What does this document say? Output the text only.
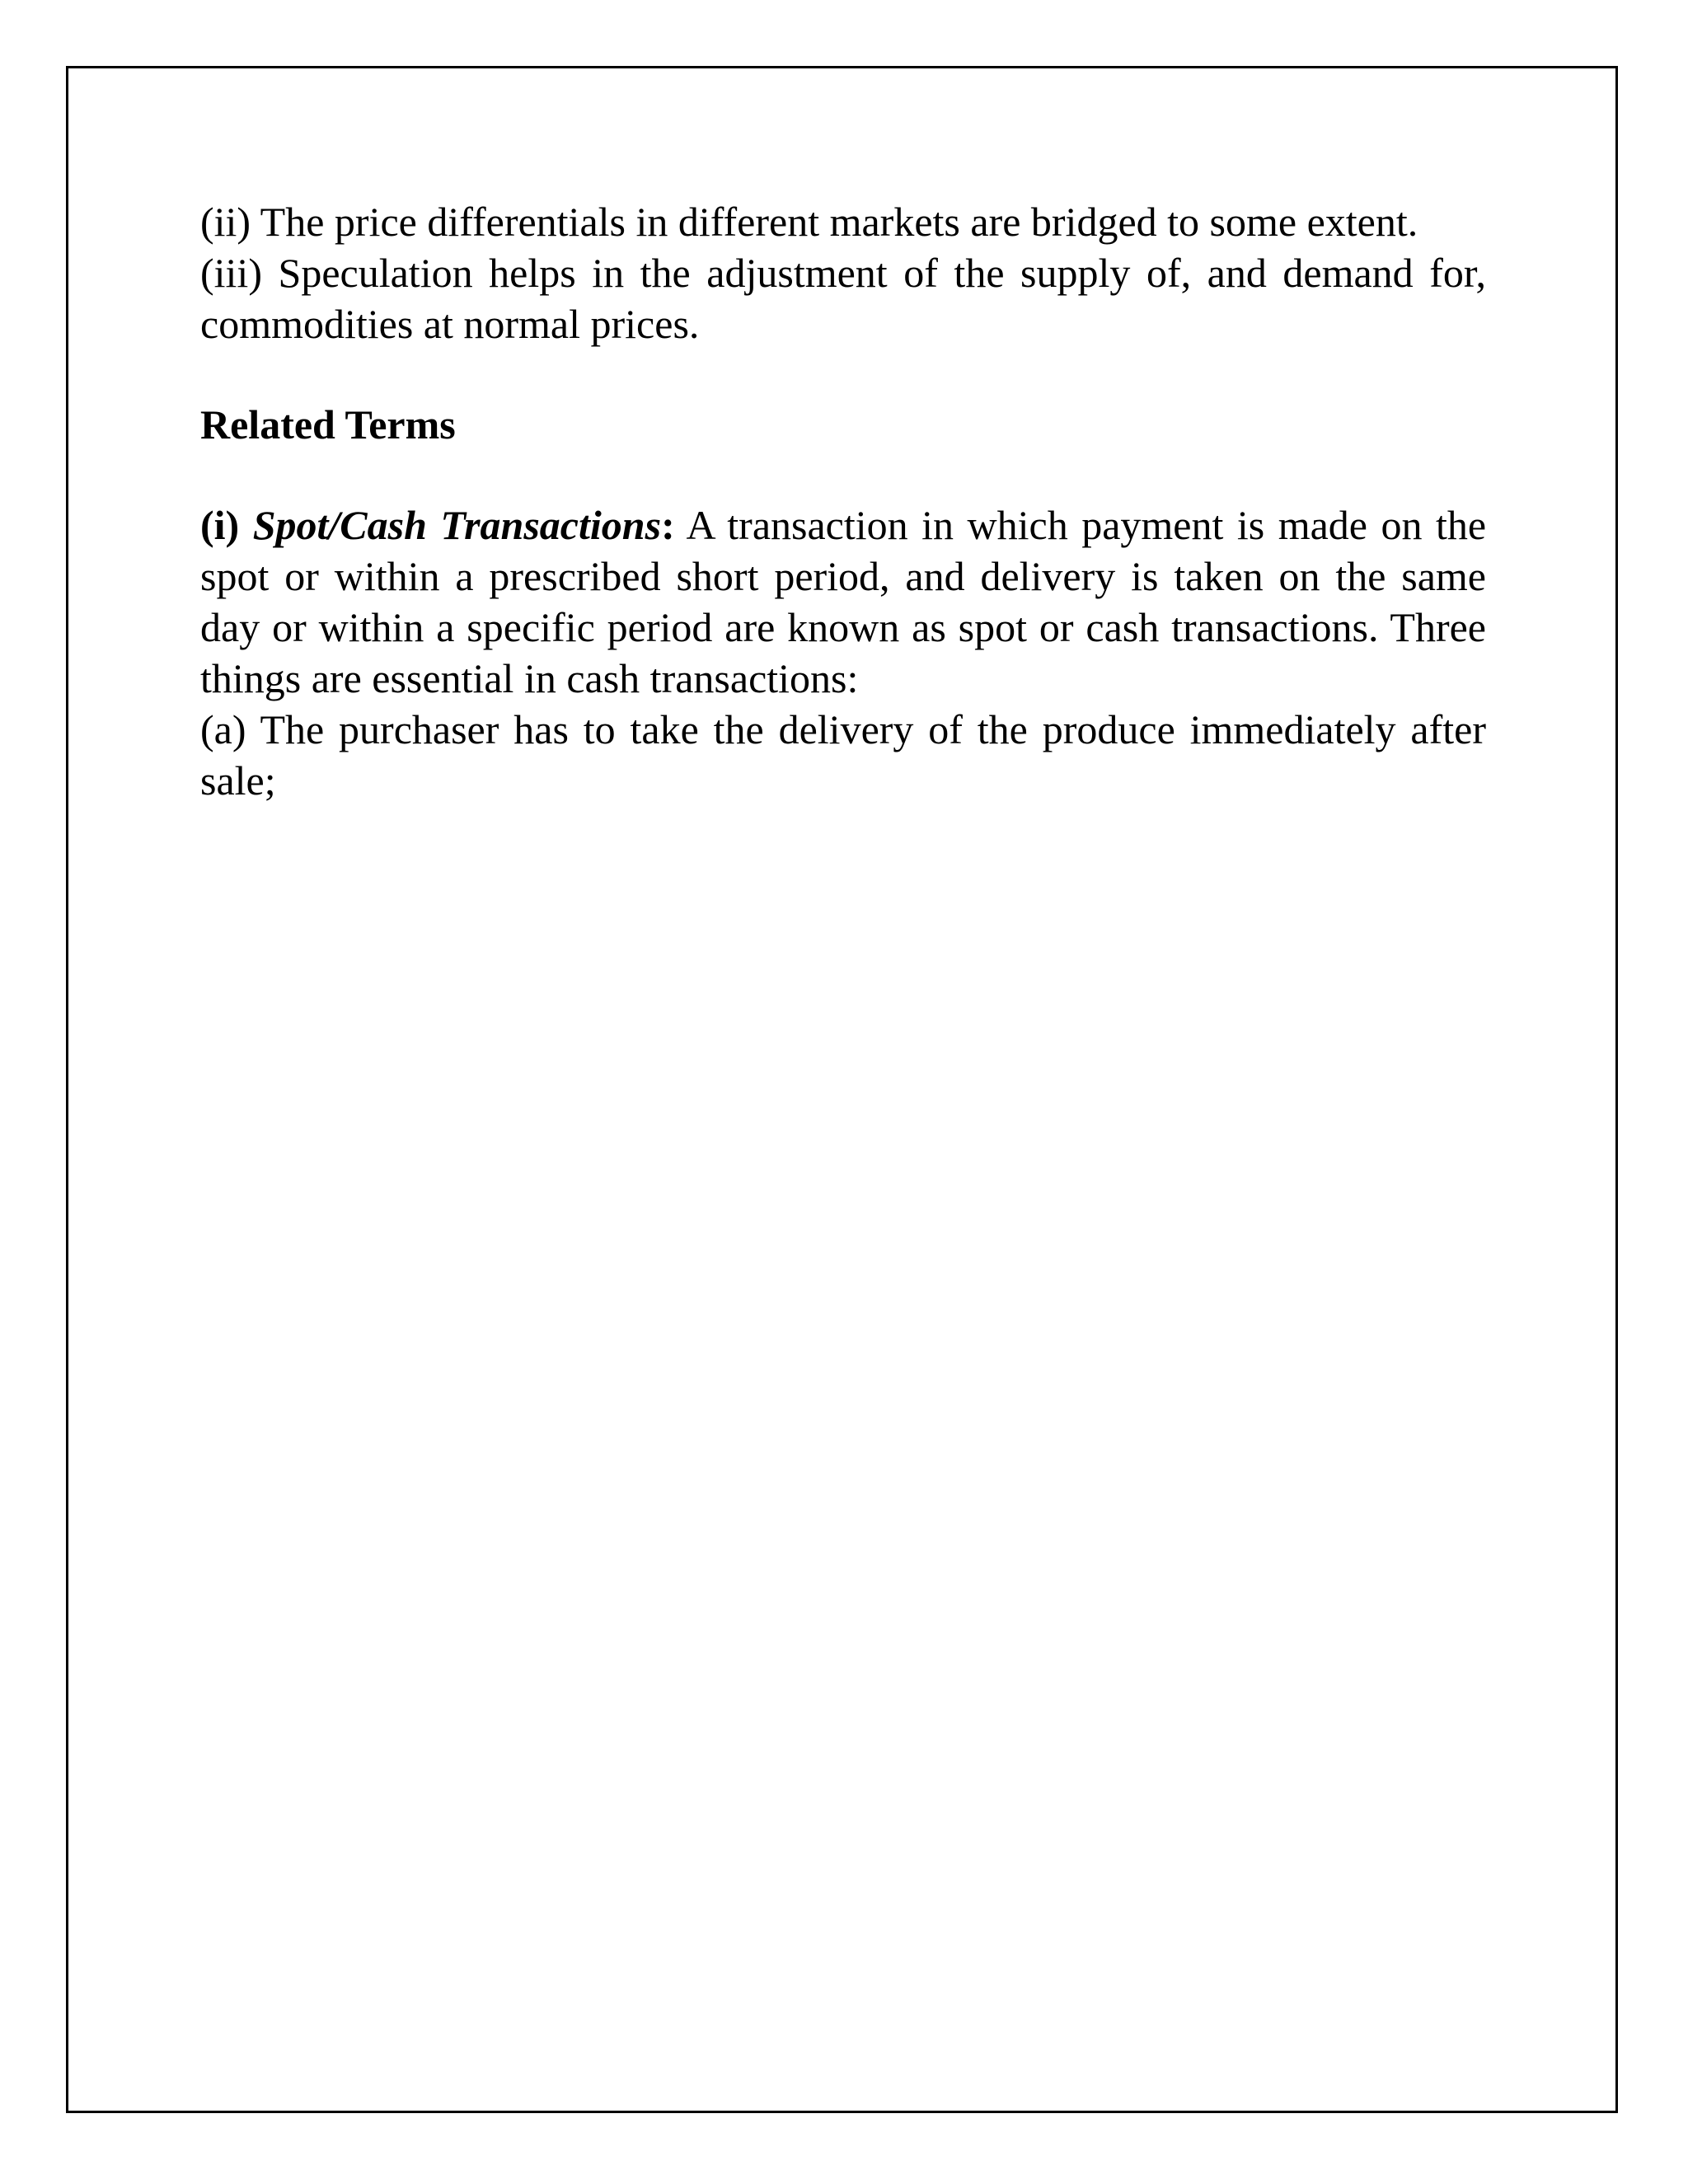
(ii) The price differentials in different markets are bridged to some extent.

(iii) Speculation helps in the adjustment of the supply of, and demand for, commodities at normal prices.

Related Terms

(i) Spot/Cash Transactions: A transaction in which payment is made on the spot or within a prescribed short period, and delivery is taken on the same day or within a specific period are known as spot or cash transactions. Three things are essential in cash transactions:

(a) The purchaser has to take the delivery of the produce immediately after sale;
